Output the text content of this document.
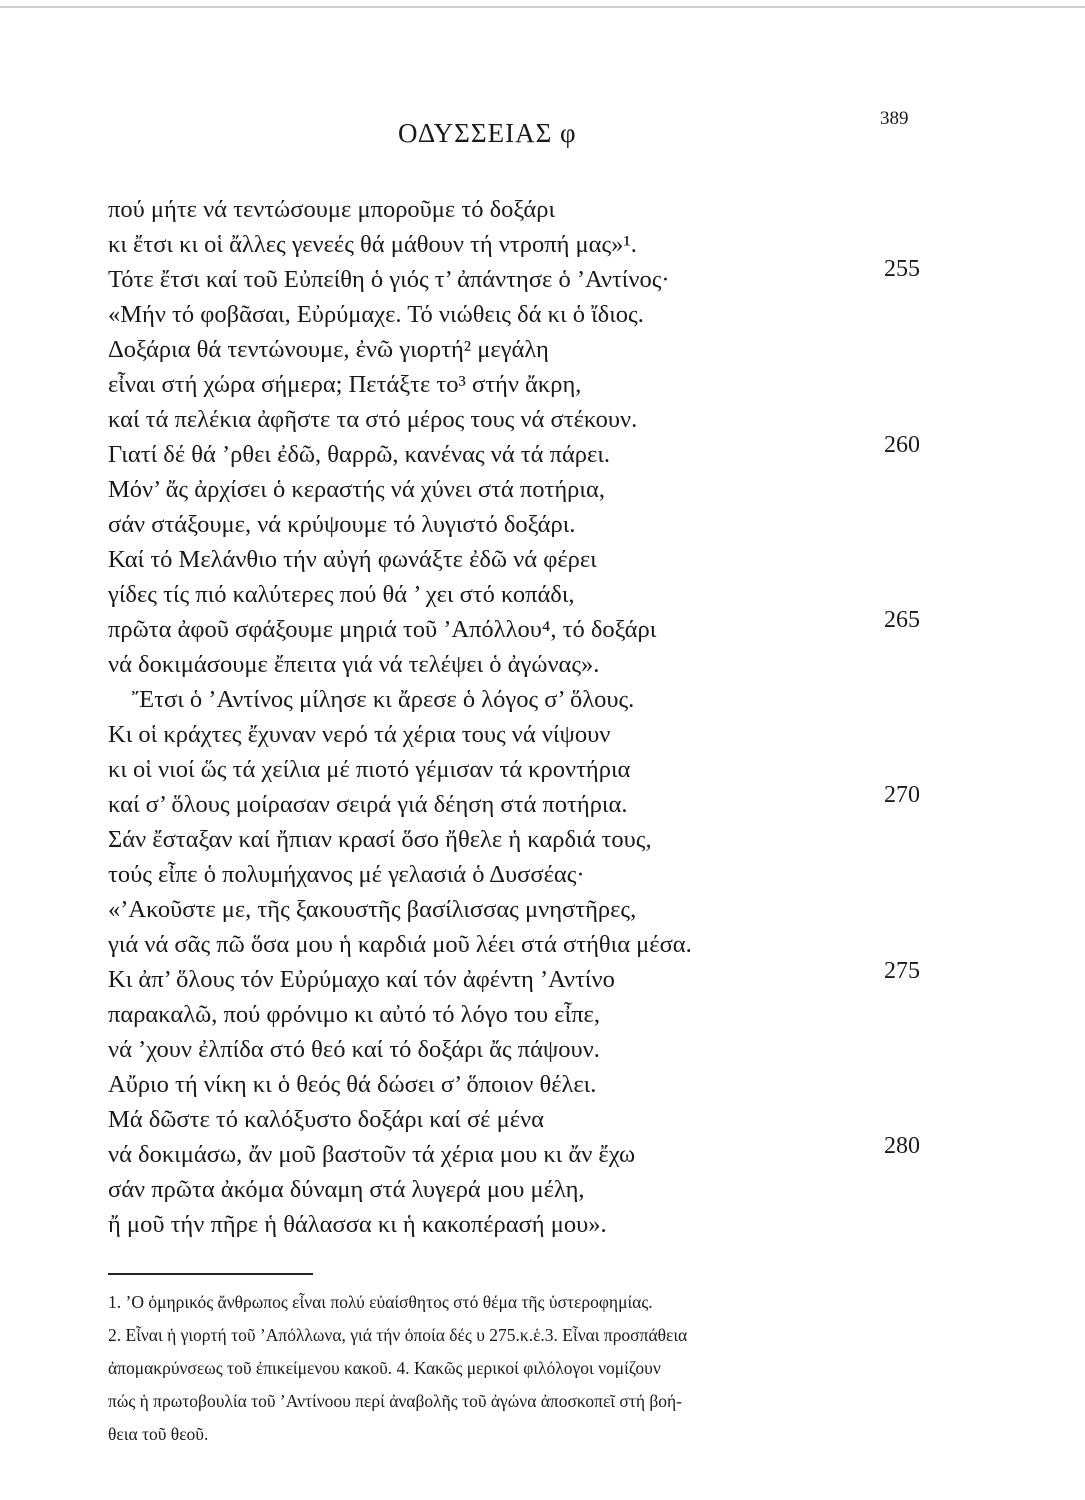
ΟΔΥΣΣΕΙΑΣ φ	389
πού μήτε νά τεντώσουμε μποροῦμε τό δοξάρι
κι ἔτσι κι οἱ ἄλλες γενεές θά μάθουν τή ντροπή μας»¹.
Τότε ἔτσι καί τοῦ Εὐπείθη ὁ γιός τ’ ἀπάντησε ὁ ’Αντίνος·
«Μήν τό φοβᾶσαι, Εὐρύμαχε. Τό νιώθεις δά κι ὁ ἴδιος.
Δοξάρια θά τεντώνουμε, ἐνῶ γιορτή² μεγάλη
εἶναι στή χώρα σήμερα; Πετάξτε το³ στήν ἄκρη,
καί τά πελέκια ἀφῆστε τα στό μέρος τους νά στέκουν.
Γιατί δέ θά ’ρθει ἐδῶ, θαρρῶ, κανένας νά τά πάρει.
Μόν’ ἄς ἀρχίσει ὁ κεραστής νά χύνει στά ποτήρια,
σάν στάξουμε, νά κρύψουμε τό λυγιστό δοξάρι.
Καί τό Μελάνθιο τήν αὐγή φωνάξτε ἐδῶ νά φέρει
γίδες τίς πιό καλύτερες πού θά ’ χει στό κοπάδι,
πρῶτα ἀφοῦ σφάξουμε μηριά τοῦ ’Απόλλου⁴, τό δοξάρι
νά δοκιμάσουμε ἔπειτα γιά νά τελέψει ὁ ἀγώνας».
Ἔτσι ὁ ’Αντίνος μίλησε κι ἄρεσε ὁ λόγος σ’ ὅλους.
Κι οἱ κράχτες ἔχυναν νερό τά χέρια τους νά νίψουν
κι οἱ νιοί ὥς τά χείλια μέ πιοτό γέμισαν τά κροντήρια
καί σ’ ὅλους μοίρασαν σειρά γιά δέηση στά ποτήρια.
Σάν ἔσταξαν καί ἤπιαν κρασί ὅσο ἤθελε ἡ καρδιά τους,
τούς εἶπε ὁ πολυμήχανος μέ γελασιά ὁ Δυσσέας·
«’Ακοῦστε με, τῆς ξακουστῆς βασίλισσας μνηστῆρες,
γιά νά σᾶς πῶ ὅσα μου ἡ καρδιά μοῦ λέει στά στήθια μέσα.
Κι ἀπ’ ὅλους τόν Εὐρύμαχο καί τόν ἀφέντη ’Αντίνο
παρακαλῶ, πού φρόνιμο κι αὐτό τό λόγο του εἶπε,
νά ’χουν ἐλπίδα στό θεό καί τό δοξάρι ἄς πάψουν.
Αὔριο τή νίκη κι ὁ θεός θά δώσει σ’ ὅποιον θέλει.
Μά δῶστε τό καλόξυστο δοξάρι καί σέ μένα
νά δοκιμάσω, ἄν μοῦ βαστοῦν τά χέρια μου κι ἄν ἔχω
σάν πρῶτα ἀκόμα δύναμη στά λυγερά μου μέλη,
ἤ μοῦ τήν πῆρε ἡ θάλασσα κι ἡ κακοπέρασή μου».
255
260
265
270
275
280
1. ’Ο ὁμηρικός ἄνθρωπος εἶναι πολύ εὐαίσθητος στό θέμα τῆς ὑστεροφημίας.
2. Εἶναι ἡ γιορτή τοῦ ’Απόλλωνα, γιά τήν ὁποία δές υ 275.κ.ἑ.3. Εἶναι προσπάθεια
ἀπομακρύνσεως τοῦ ἐπικείμενου κακοῦ. 4. Κακῶς μερικοί φιλόλογοι νομίζουν
πώς ἡ πρωτοβουλία τοῦ ’Αντίνοου περί ἀναβολῆς τοῦ ἀγώνα ἀποσκοπεῖ στή βοή-
θεια τοῦ θεοῦ.
